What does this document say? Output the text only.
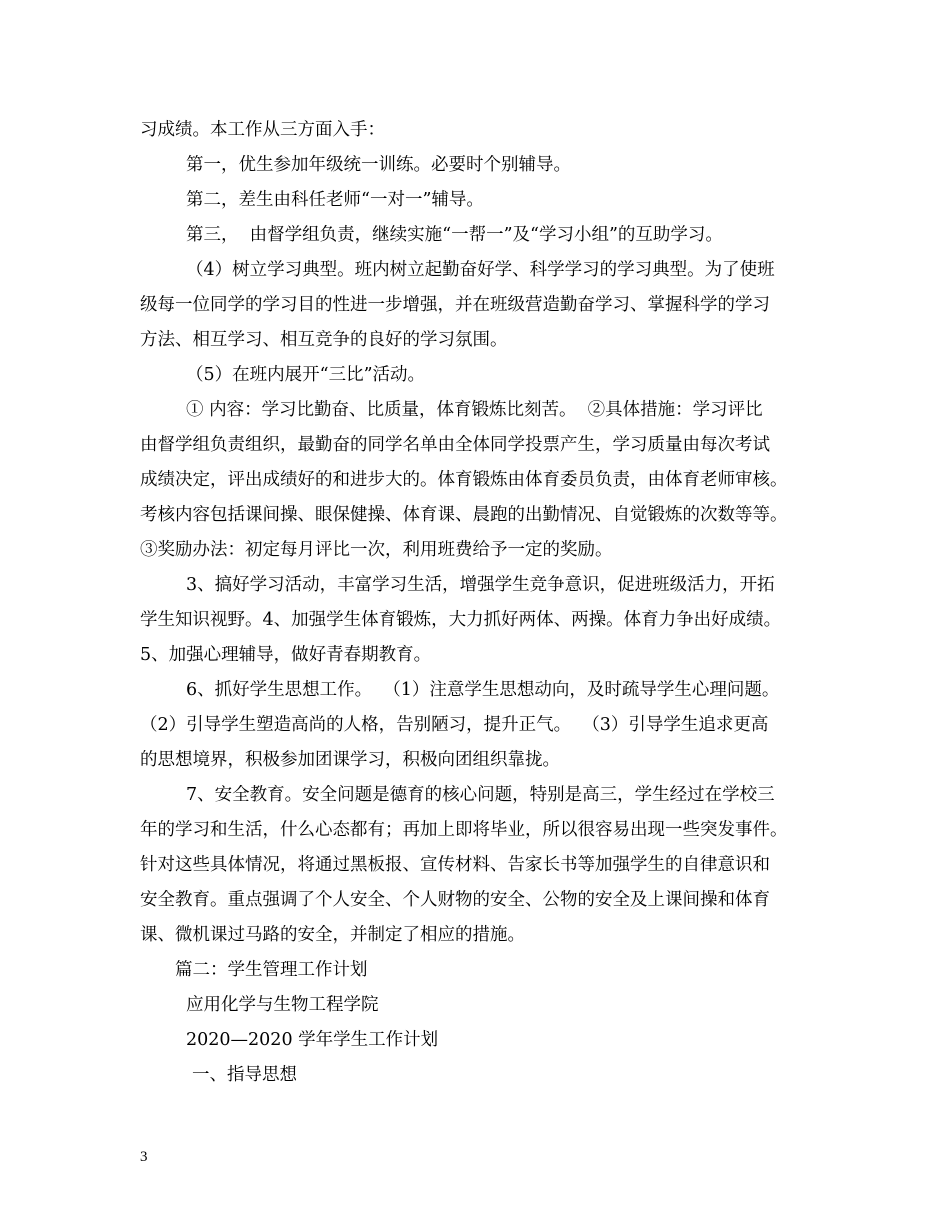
习成绩。本工作从三方面入手：
第一，优生参加年级统一训练。必要时个别辅导。
第二，差生由科任老师“一对一”辅导。
第三，  由督学组负责，继续实施“一帮一”及“学习小组”的互助学习。
（4）树立学习典型。班内树立起勤奋好学、科学学习的学习典型。为了使班
级每一位同学的学习目的性进一步增强，并在班级营造勤奋学习、掌握科学的学习
方法、相互学习、相互竞争的良好的学习氛围。
（5）在班内展开“三比”活动。
① 内容：学习比勤奋、比质量，体育锻炼比刻苦。  ②具体措施：学习评比
由督学组负责组织，最勤奋的同学名单由全体同学投票产生，学习质量由每次考试
成绩决定，评出成绩好的和进步大的。体育锻炼由体育委员负责，由体育老师审核。
考核内容包括课间操、眼保健操、体育课、晨跑的出勤情况、自觉锻炼的次数等等。
③奖励办法：初定每月评比一次，利用班费给予一定的奖励。
3、搞好学习活动，丰富学习生活，增强学生竞争意识，促进班级活力，开拓
学生知识视野。4、加强学生体育锻炼，大力抓好两体、两操。体育力争出好成绩。
5、加强心理辅导，做好青春期教育。
6、抓好学生思想工作。  （1）注意学生思想动向，及时疏导学生心理问题。
（2）引导学生塑造高尚的人格，告别陋习，提升正气。  （3）引导学生追求更高
的思想境界，积极参加团课学习，积极向团组织靠拢。
7、安全教育。安全问题是德育的核心问题，特别是高三，学生经过在学校三
年的学习和生活，什么心态都有；再加上即将毕业，所以很容易出现一些突发事件。
针对这些具体情况，将通过黑板报、宣传材料、告家长书等加强学生的自律意识和
安全教育。重点强调了个人安全、个人财物的安全、公物的安全及上课间操和体育
课、微机课过马路的安全，并制定了相应的措施。
篇二：学生管理工作计划
应用化学与生物工程学院
2020—2020 学年学生工作计划
一、指导思想
3
